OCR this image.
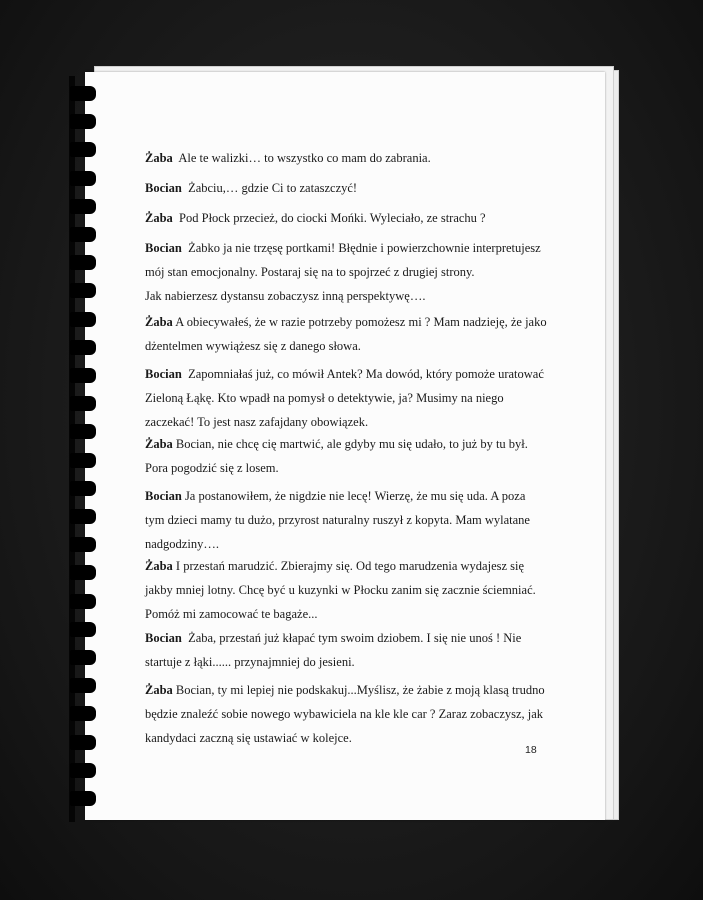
Żaba Ale te walizki… to wszystko co mam do zabrania.
Bocian Żabciu,… gdzie Ci to zataszczyć!
Żaba Pod Płock przecież, do ciocki Mońki. Wyleciało, ze strachu ?
Bocian Żabko ja nie trzęsę portkami! Błędnie i powierzchownie interpretujesz
mój stan emocjonalny. Postaraj się na to spojrzeć z drugiej strony.
Jak nabierzesz dystansu zobaczysz inną perspektywę….
Żaba A obiecywałeś, że w razie potrzeby pomożesz mi ? Mam nadzieję, że jako
dżentelmen wywiążesz się z danego słowa.
Bocian Zapomniałaś już, co mówił Antek? Ma dowód, który pomoże uratować
Zieloną Łąkę. Kto wpadł na pomysł o detektywie, ja? Musimy na niego
zaczekać! To jest nasz zafajdany obowiązek.
Żaba Bocian, nie chcę cię martwić, ale gdyby mu się udało, to już by tu był.
Pora pogodzić się z losem.
Bocian Ja postanowiłem, że nigdzie nie lecę! Wierzę, że mu się uda. A poza
tym dzieci mamy tu dużo, przyrost naturalny ruszył z kopyta. Mam wylatane
nadgodziny….
Żaba I przestań marudzić. Zbierajmy się. Od tego marudzenia wydajesz się
jakby mniej lotny. Chcę być u kuzynki w Płocku zanim się zacznie ściemniać.
Pomóż mi zamocować te bagaże...
Bocian Żaba, przestań już kłapać tym swoim dziobem. I się nie unoś ! Nie
startuje z łąki...... przynajmniej do jesieni.
Żaba Bocian, ty mi lepiej nie podskakuj...Myślisz, że żabie z moją klasą trudno
będzie znaleźć sobie nowego wybawiciela na kle kle car ? Zaraz zobaczysz, jak
kandydaci zaczną się ustawiać w kolejce.
18
